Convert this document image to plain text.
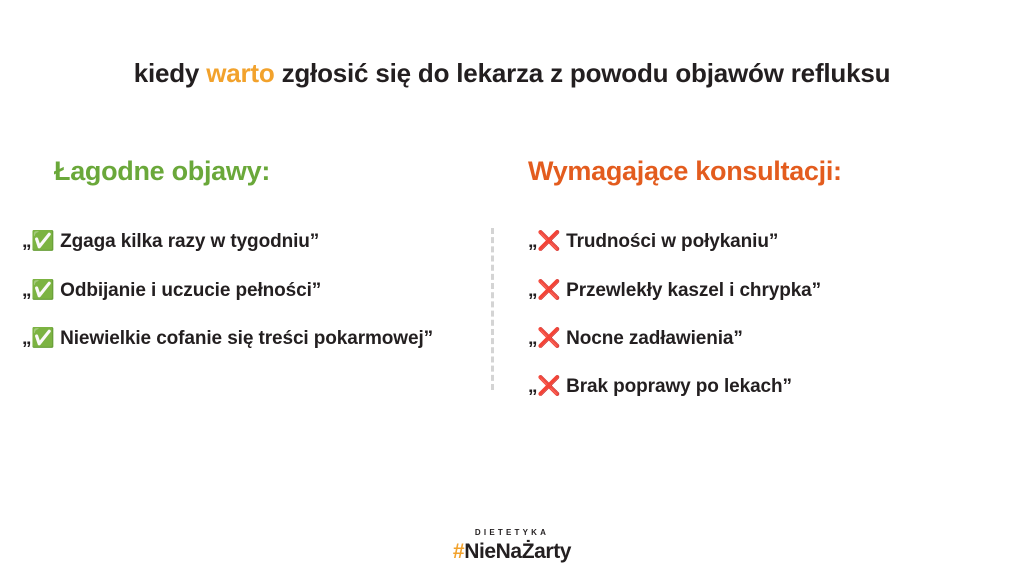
kiedy warto zgłosić się do lekarza z powodu objawów refluksu
Łagodne objawy:
„✅ Zgaga kilka razy w tygodniu”
„✅ Odbijanie i uczucie pełności”
„✅ Niewielkie cofanie się treści pokarmowej”
Wymagające konsultacji:
„❌ Trudności w połykaniu”
„❌ Przewlekły kaszel i chrypka”
„❌ Nocne zadławienia”
„❌ Brak poprawy po lekach”
DIETETYKA
#NieNaŻarty
